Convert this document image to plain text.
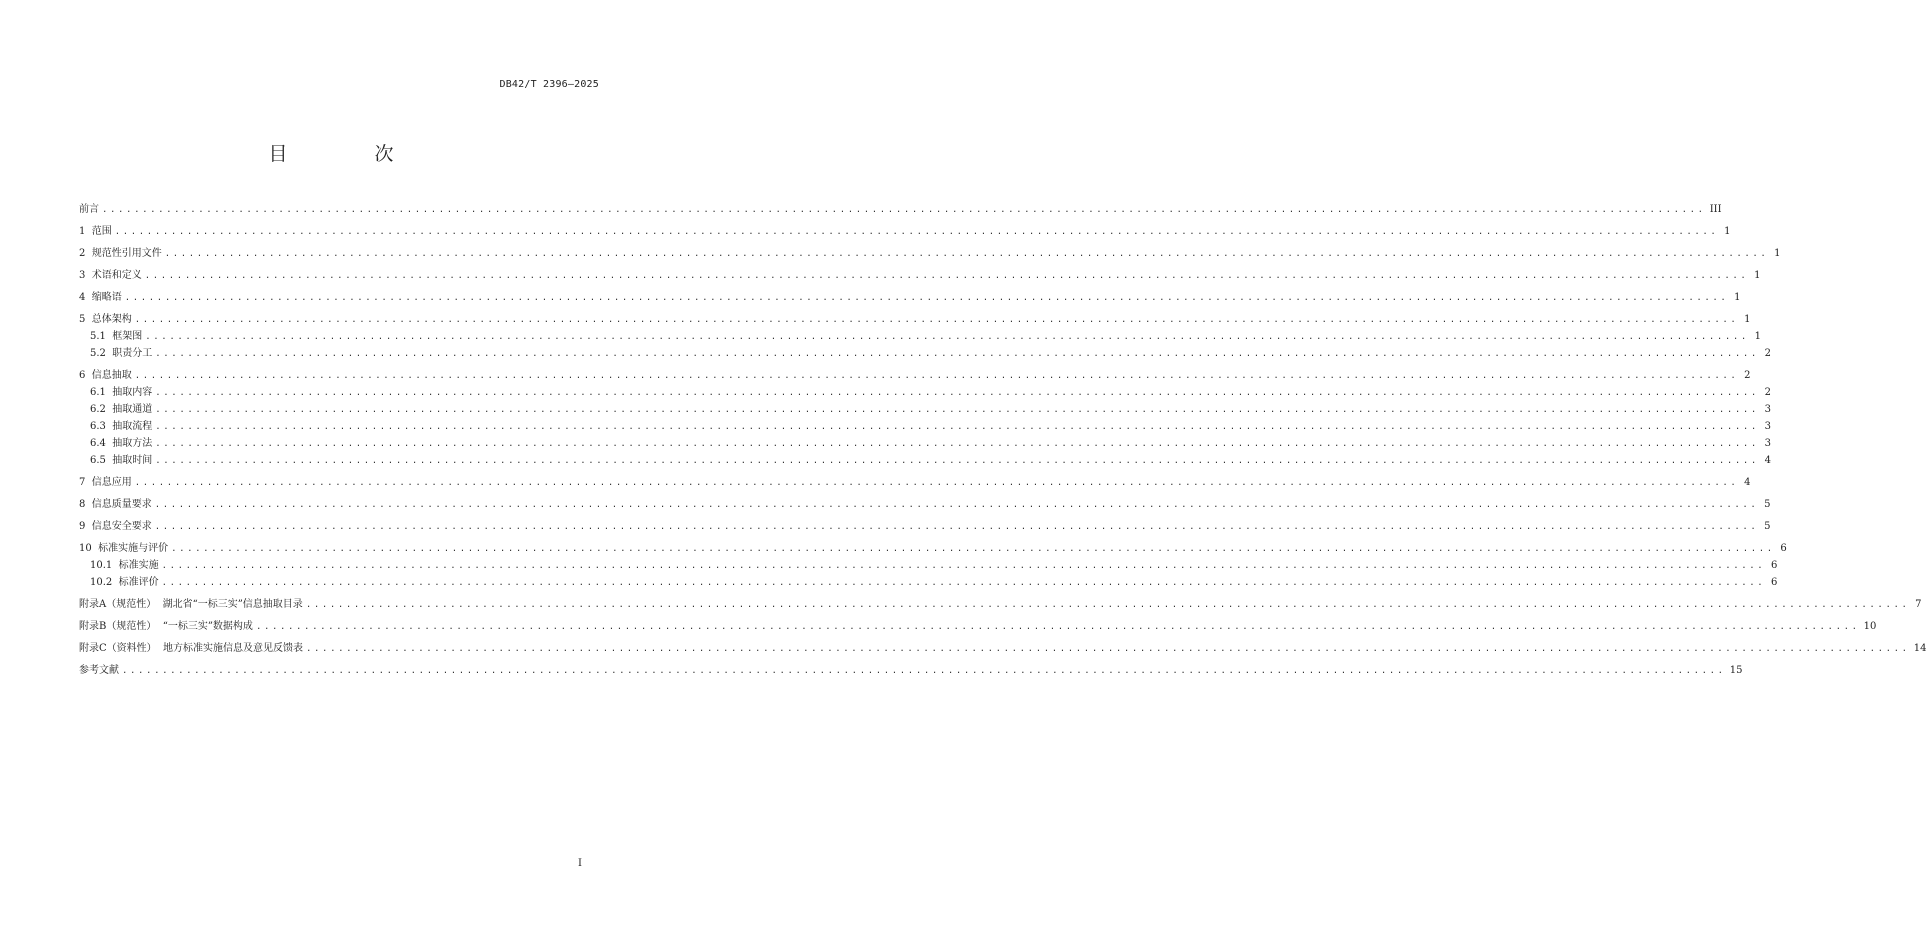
DB42/T 2396—2025
目　次
前言 ........................................................................................................................................................................................................ III
1  范围 ........................................................................................................................................................................................................ 1
2  规范性引用文件 ........................................................................................................................................................................................................ 1
3  术语和定义 ........................................................................................................................................................................................................ 1
4  缩略语 ........................................................................................................................................................................................................ 1
5  总体架构 ........................................................................................................................................................................................................ 1
5.1  框架图 ........................................................................................................................................................................................................ 1
5.2  职责分工 ........................................................................................................................................................................................................ 2
6  信息抽取 ........................................................................................................................................................................................................ 2
6.1  抽取内容 ........................................................................................................................................................................................................ 2
6.2  抽取通道 ........................................................................................................................................................................................................ 3
6.3  抽取流程 ........................................................................................................................................................................................................ 3
6.4  抽取方法 ........................................................................................................................................................................................................ 3
6.5  抽取时间 ........................................................................................................................................................................................................ 4
7  信息应用 ........................................................................................................................................................................................................ 4
8  信息质量要求 ........................................................................................................................................................................................................ 5
9  信息安全要求 ........................................................................................................................................................................................................ 5
10  标准实施与评价 ........................................................................................................................................................................................................ 6
10.1  标准实施 ........................................................................................................................................................................................................ 6
10.2  标准评价 ........................................................................................................................................................................................................ 6
附录A（规范性）  湖北省“一标三实”信息抽取目录 ........................................................................................................................................................................................................ 7
附录B（规范性）  “一标三实”数据构成 ........................................................................................................................................................................................................ 10
附录C（资料性）  地方标准实施信息及意见反馈表 ........................................................................................................................................................................................................ 14
参考文献 ........................................................................................................................................................................................................ 15
I
